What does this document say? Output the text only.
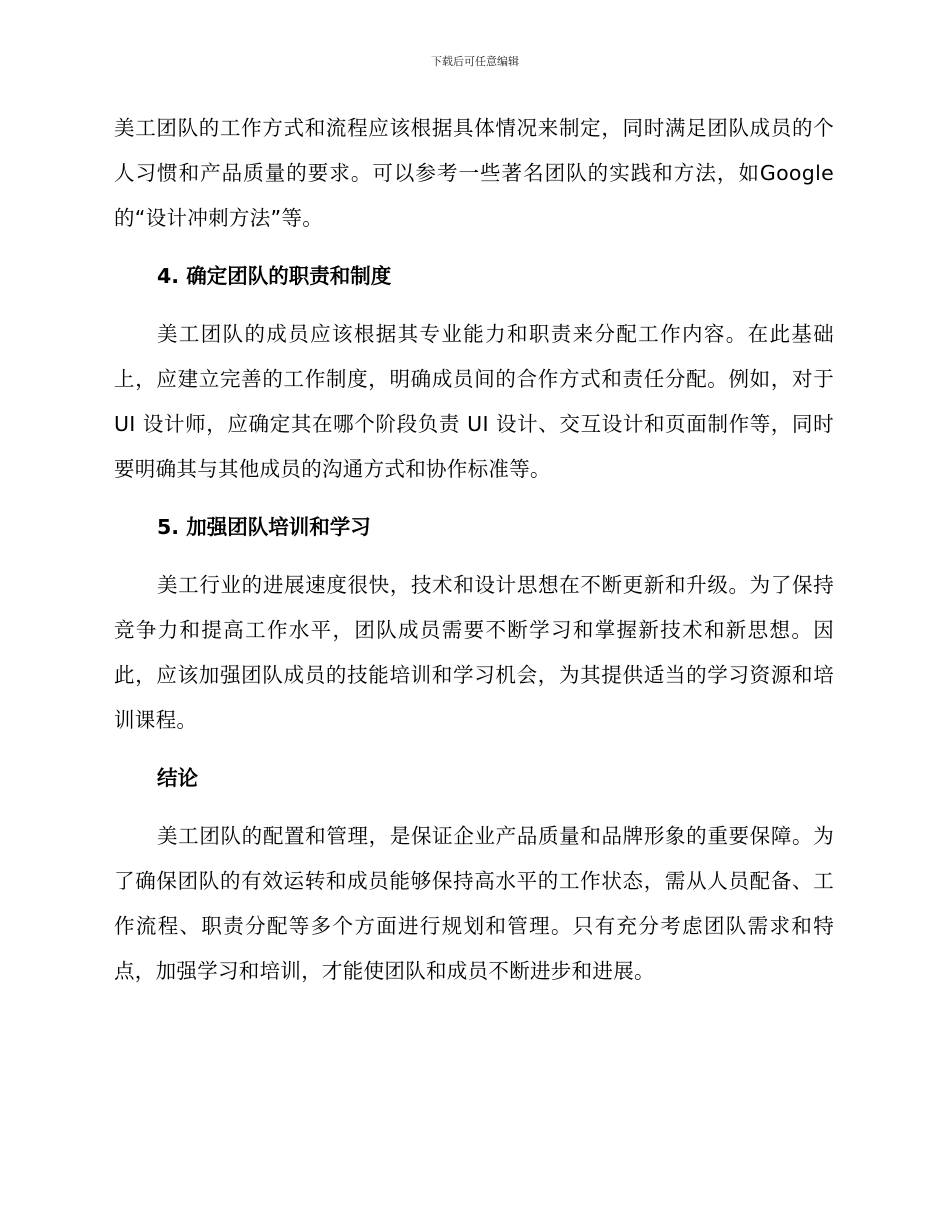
下载后可任意编辑

美工团队的工作方式和流程应该根据具体情况来制定，同时满足团队成员的个人习惯和产品质量的要求。可以参考一些著名团队的实践和方法，如Google 的“设计冲刺方法”等。

4. 确定团队的职责和制度

美工团队的成员应该根据其专业能力和职责来分配工作内容。在此基础上，应建立完善的工作制度，明确成员间的合作方式和责任分配。例如，对于 UI 设计师，应确定其在哪个阶段负责 UI 设计、交互设计和页面制作等，同时要明确其与其他成员的沟通方式和协作标准等。

5. 加强团队培训和学习

美工行业的进展速度很快，技术和设计思想在不断更新和升级。为了保持竞争力和提高工作水平，团队成员需要不断学习和掌握新技术和新思想。因此，应该加强团队成员的技能培训和学习机会，为其提供适当的学习资源和培训课程。

结论

美工团队的配置和管理，是保证企业产品质量和品牌形象的重要保障。为了确保团队的有效运转和成员能够保持高水平的工作状态，需从人员配备、工作流程、职责分配等多个方面进行规划和管理。只有充分考虑团队需求和特点，加强学习和培训，才能使团队和成员不断进步和进展。
